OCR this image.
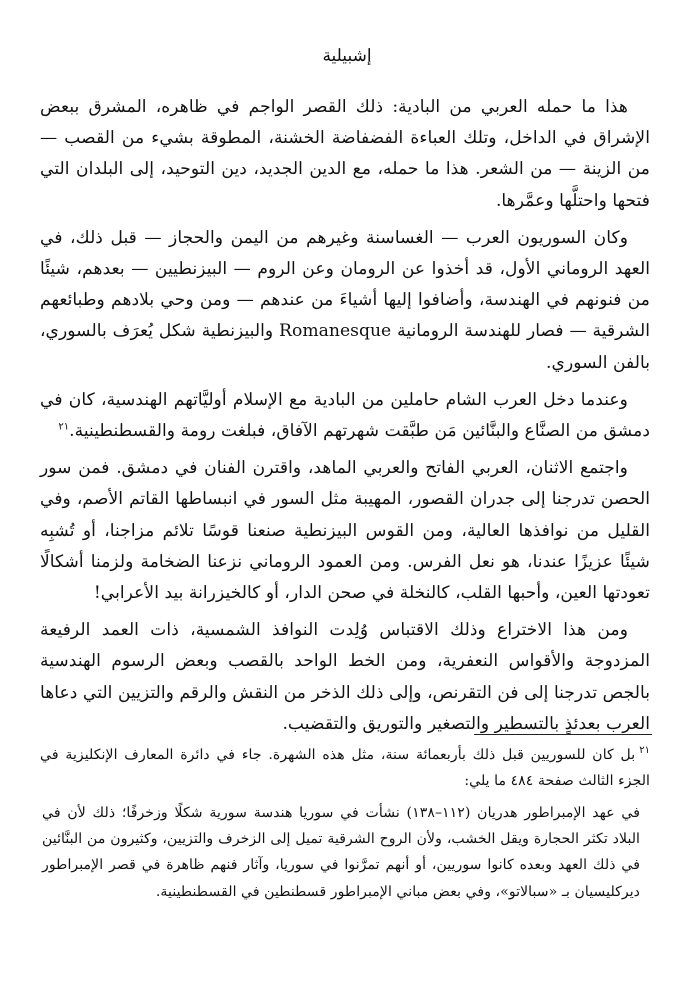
إشبيلية

هذا ما حمله العربي من البادية: ذلك القصر الواجم في ظاهره، المشرق ببعض الإشراق في الداخل، وتلك العباءة الفضفاضة الخشنة، المطوقة بشيء من القصب — من الزينة — من الشعر. هذا ما حمله، مع الدين الجديد، دين التوحيد، إلى البلدان التي فتحها واحتلَّها وعمَّرها.

وكان السوريون العرب — الغساسنة وغيرهم من اليمن والحجاز — قبل ذلك، في العهد الروماني الأول، قد أخذوا عن الرومان وعن الروم — البيزنطيين — بعدهم، شيئًا من فنونهم في الهندسة، وأضافوا إليها أشياءَ من عندهم — ومن وحي بلادهم وطبائعهم الشرقية — فصار للهندسة الرومانية Romanesque والبيزنطية شكل يُعرَف بالسوري، بالفن السوري.

وعندما دخل العرب الشام حاملين من البادية مع الإسلام أوليَّاتهم الهندسية، كان في دمشق من الصنَّاع والبنَّائين مَن طبَّقت شهرتهم الآفاق، فبلغت رومة والقسطنطينية.$^{٢١}$

واجتمع الاثنان، العربي الفاتح والعربي الماهد، واقترن الفنان في دمشق. فمن سور الحصن تدرجنا إلى جدران القصور، المهيبة مثل السور في انبساطها القاتم الأصم، وفي القليل من نوافذها العالية، ومن القوس البيزنطية صنعنا قوسًا تلائم مزاجنا، أو تُشبِه شيئًا عزيزًا عندنا، هو نعل الفرس. ومن العمود الروماني نزعنا الضخامة ولزمنا أشكالًا تعودتها العين، وأحبها القلب، كالنخلة في صحن الدار، أو كالخيزرانة بيد الأعرابي!

ومن هذا الاختراع وذلك الاقتباس وُلِدت النوافذ الشمسية، ذات العمد الرفيعة المزدوجة والأقواس النعفرية، ومن الخط الواحد بالقصب وبعض الرسوم الهندسية بالجص تدرجنا إلى فن التقرنص، وإلى ذلك الذخر من النقش والرقم والتزيين التي دعاها العرب بعدئذٍ بالتسطير والتصغير والتوريق والتقضيب.

$^{٢١}$بل كان للسوريين قبل ذلك بأربعمائة سنة، مثل هذه الشهرة. جاء في دائرة المعارف الإنكليزية في الجزء الثالث صفحة ٤٨٤ ما يلي:
في عهد الإمبراطور هدريان (١١٢–١٣٨) نشأت في سوريا هندسة سورية شكلًا وزخرفًا؛ ذلك لأن في البلاد تكثر الحجارة ويقل الخشب، ولأن الروح الشرقية تميل إلى الزخرف والتزيين، وكثيرون من البنَّائين في ذلك العهد وبعده كانوا سوريين، أو أنهم تمرَّنوا في سوريا، وآثار فنهم ظاهرة في قصر الإمبراطور ديركليسيان بـ «سبالاتو»، وفي بعض مباني الإمبراطور قسطنطين في القسطنطينية.
